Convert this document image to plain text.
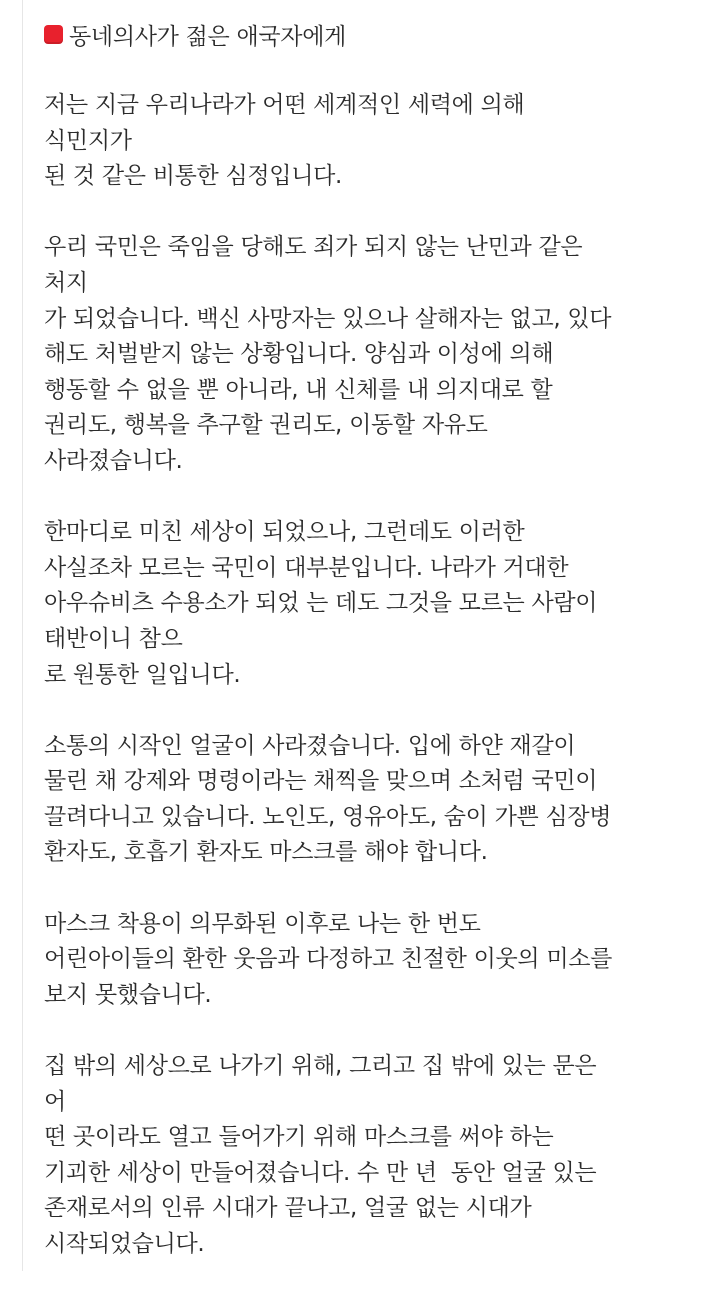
동네의사가 젊은 애국자에게
저는 지금 우리나라가 어떤 세계적인 세력에 의해
식민지가
된 것 같은 비통한 심정입니다.
우리 국민은 죽임을 당해도 죄가 되지 않는 난민과 같은
처지
가 되었습니다. 백신 사망자는 있으나 살해자는 없고, 있다
해도 처벌받지 않는 상황입니다. 양심과 이성에 의해
행동할 수 없을 뿐 아니라, 내 신체를 내 의지대로 할
권리도, 행복을 추구할 권리도, 이동할 자유도
사라졌습니다.
한마디로 미친 세상이 되었으나, 그런데도 이러한
사실조차 모르는 국민이 대부분입니다. 나라가 거대한
아우슈비츠 수용소가 되었 는 데도 그것을 모르는 사람이
태반이니 참으
로 원통한 일입니다.
소통의 시작인 얼굴이 사라졌습니다. 입에 하얀 재갈이
물린 채 강제와 명령이라는 채찍을 맞으며 소처럼 국민이
끌려다니고 있습니다. 노인도, 영유아도, 숨이 가쁜 심장병
환자도, 호흡기 환자도 마스크를 해야 합니다.
마스크 착용이 의무화된 이후로 나는 한 번도
어린아이들의 환한 웃음과 다정하고 친절한 이웃의 미소를
보지 못했습니다.
집 밖의 세상으로 나가기 위해, 그리고 집 밖에 있는 문은
어
떤 곳이라도 열고 들어가기 위해 마스크를 써야 하는
기괴한 세상이 만들어졌습니다. 수 만 년  동안 얼굴 있는
존재로서의 인류 시대가 끝나고, 얼굴 없는 시대가
시작되었습니다.
